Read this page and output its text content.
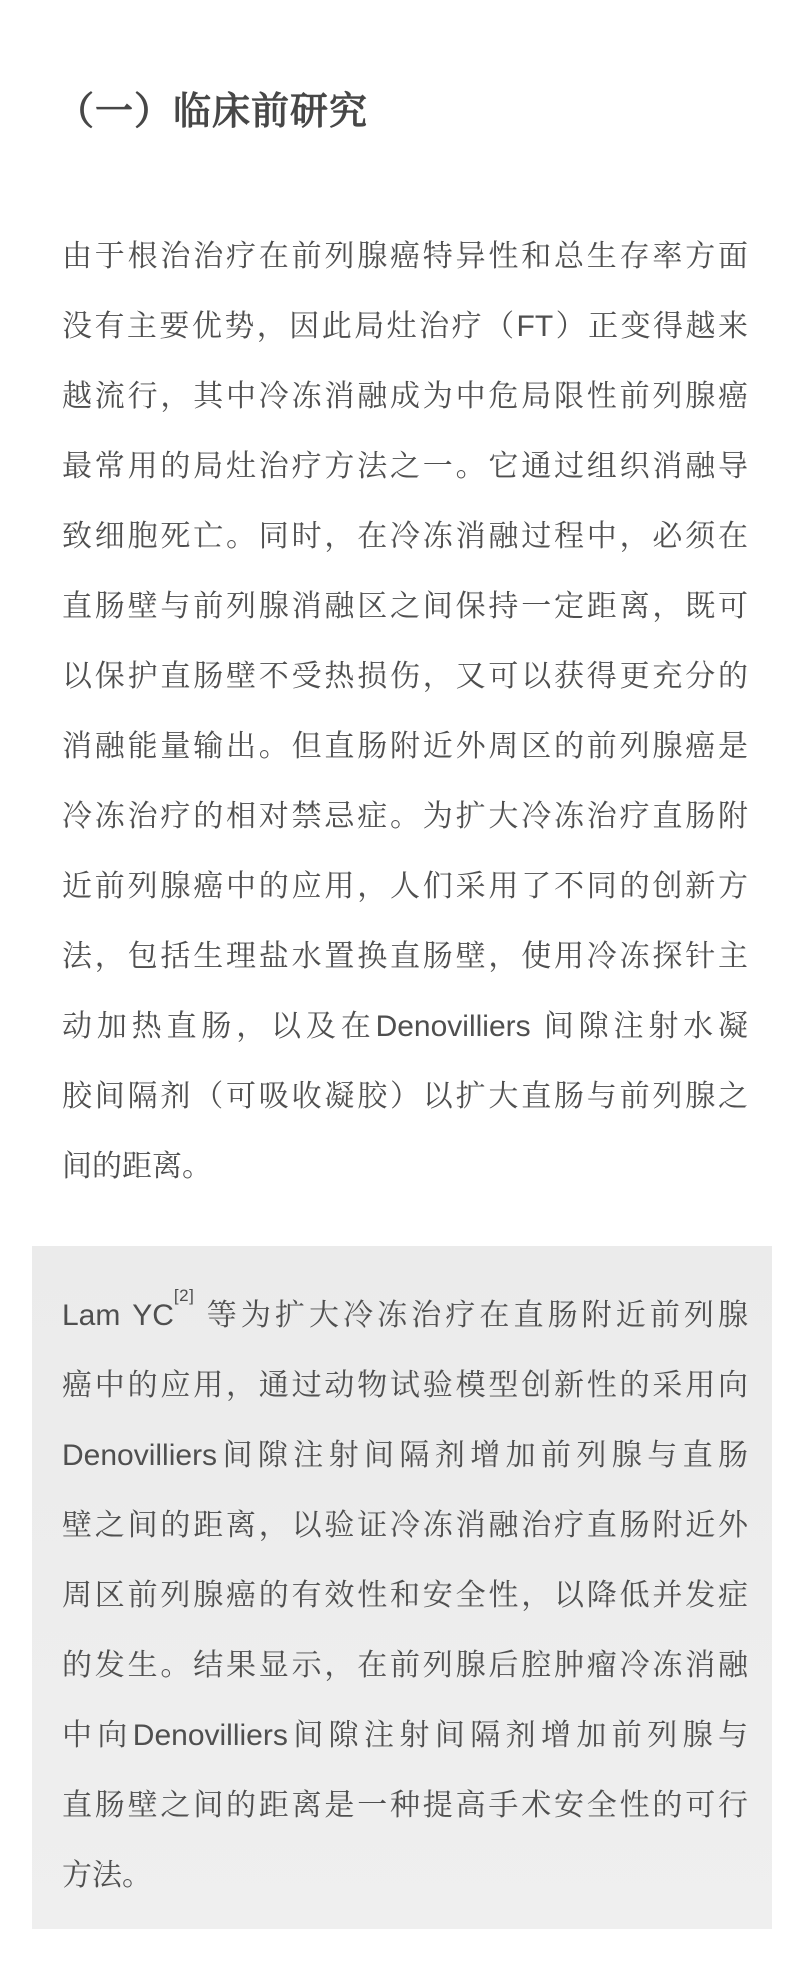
（一）临床前研究
由于根治治疗在前列腺癌特异性和总生存率方面
没有主要优势，因此局灶治疗（FT）正变得越来
越流行，其中冷冻消融成为中危局限性前列腺癌
最常用的局灶治疗方法之一。它通过组织消融导
致细胞死亡。同时，在冷冻消融过程中，必须在
直肠壁与前列腺消融区之间保持一定距离，既可
以保护直肠壁不受热损伤，又可以获得更充分的
消融能量输出。但直肠附近外周区的前列腺癌是
冷冻治疗的相对禁忌症。为扩大冷冻治疗直肠附
近前列腺癌中的应用，人们采用了不同的创新方
法，包括生理盐水置换直肠壁，使用冷冻探针主
动加热直肠，以及在Denovilliers 间隙注射水凝
胶间隔剂（可吸收凝胶）以扩大直肠与前列腺之
间的距离。
Lam YC[2] 等为扩大冷冻治疗在直肠附近前列腺
癌中的应用，通过动物试验模型创新性的采用向
Denovilliers间隙注射间隔剂增加前列腺与直肠
壁之间的距离，以验证冷冻消融治疗直肠附近外
周区前列腺癌的有效性和安全性，以降低并发症
的发生。结果显示，在前列腺后腔肿瘤冷冻消融
中向Denovilliers间隙注射间隔剂增加前列腺与
直肠壁之间的距离是一种提高手术安全性的可行
方法。
